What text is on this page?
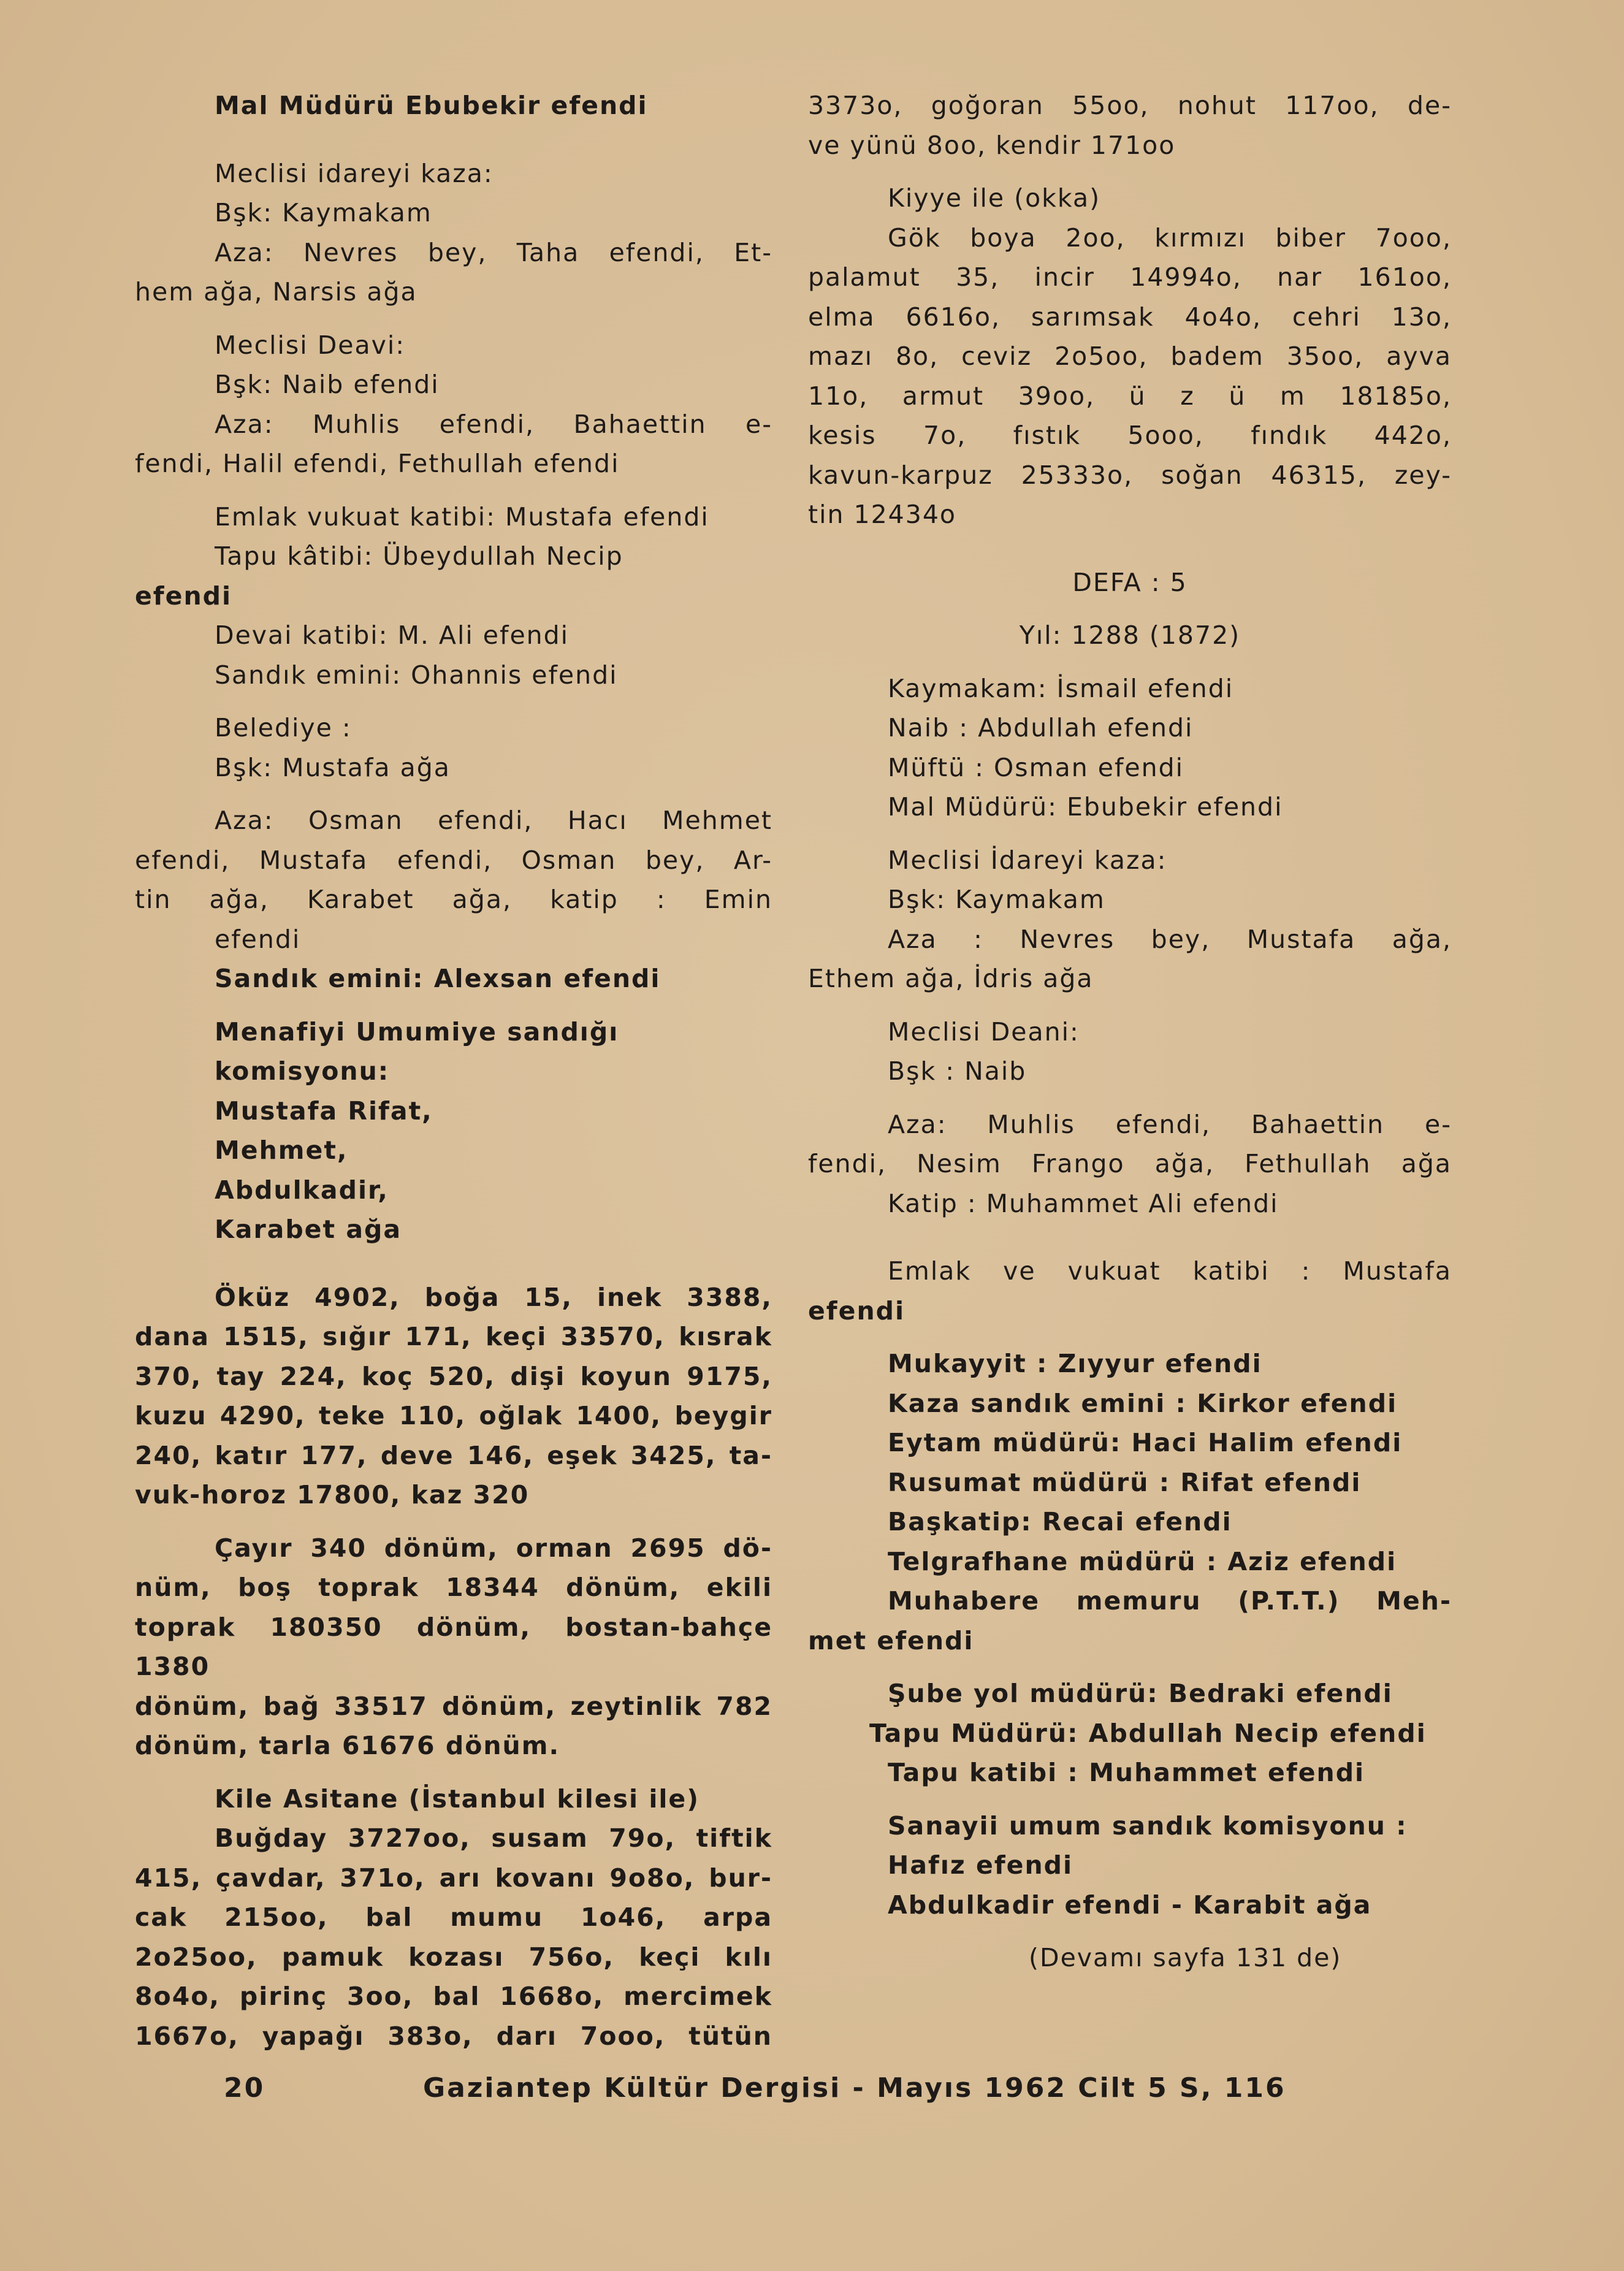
Mal Müdürü Ebubekir efendi

Meclisi idareyi kaza:

Bşk: Kaymakam

Aza: Nevres bey, Taha efendi, Et-

hem ağa, Narsis ağa

Meclisi Deavi:

Bşk: Naib efendi

Aza: Muhlis efendi, Bahaettin e-

fendi, Halil efendi, Fethullah efendi

Emlak vukuat katibi: Mustafa efendi

Tapu kâtibi: Übeydullah Necip

efendi

Devai katibi: M. Ali efendi

Sandık emini: Ohannis efendi

Belediye :

Bşk: Mustafa ağa

Aza: Osman efendi, Hacı Mehmet

efendi, Mustafa efendi, Osman bey, Ar-

tin ağa, Karabet ağa, katip : Emin

efendi

Sandık emini: Alexsan efendi

Menafiyi Umumiye sandığı

komisyonu:

Mustafa Rifat,

Mehmet,

Abdulkadir,

Karabet ağa

Öküz 4902, boğa 15, inek 3388,

dana 1515, sığır 171, keçi 33570, kısrak

370, tay 224, koç 520, dişi koyun 9175,

kuzu 4290, teke 110, oğlak 1400, beygir

240, katır 177, deve 146, eşek 3425, ta-

vuk-horoz 17800, kaz 320

Çayır 340 dönüm, orman 2695 dö-

nüm, boş toprak 18344 dönüm, ekili

toprak 180350 dönüm, bostan-bahçe 1380

dönüm, bağ 33517 dönüm, zeytinlik 782

dönüm, tarla 61676 dönüm.

Kile Asitane (İstanbul kilesi ile)

Buğday 3727oo, susam 79o, tiftik

415, çavdar, 371o, arı kovanı 9o8o, bur-

cak 215oo, bal mumu 1o46, arpa

2o25oo, pamuk kozası 756o, keçi kılı

8o4o, pirinç 3oo, bal 1668o, mercimek

1667o, yapağı 383o, darı 7ooo, tütün

3373o, goğoran 55oo, nohut 117oo, de-

ve yünü 8oo, kendir 171oo

Kiyye ile (okka)

Gök boya 2oo, kırmızı biber 7ooo,

palamut 35, incir 14994o, nar 161oo,

elma 6616o, sarımsak 4o4o, cehri 13o,

mazı 8o, ceviz 2o5oo, badem 35oo, ayva

11o, armut 39oo, ü z ü m 18185o,

kesis 7o, fıstık 5ooo, fındık 442o,

kavun-karpuz 25333o, soğan 46315, zey-

tin 12434o

DEFA : 5

Yıl: 1288 (1872)

Kaymakam: İsmail efendi

Naib : Abdullah efendi

Müftü : Osman efendi

Mal Müdürü: Ebubekir efendi

Meclisi İdareyi kaza:

Bşk: Kaymakam

Aza : Nevres bey, Mustafa ağa,

Ethem ağa, İdris ağa

Meclisi Deani:

Bşk : Naib

Aza: Muhlis efendi, Bahaettin e-

fendi, Nesim Frango ağa, Fethullah ağa

Katip : Muhammet Ali efendi

Emlak ve vukuat katibi : Mustafa

efendi

Mukayyit : Zıyyur efendi

Kaza sandık emini : Kirkor efendi

Eytam müdürü: Haci Halim efendi

Rusumat müdürü : Rifat efendi

Başkatip: Recai efendi

Telgrafhane müdürü : Aziz efendi

Muhabere memuru (P.T.T.) Meh-

met efendi

Şube yol müdürü: Bedraki efendi

Tapu Müdürü: Abdullah Necip efendi

Tapu katibi : Muhammet efendi

Sanayii umum sandık komisyonu :

Hafız efendi

Abdulkadir efendi - Karabit ağa

(Devamı sayfa 131 de)

20	Gaziantep Kültür Dergisi - Mayıs 1962 Cilt 5 S, 116
